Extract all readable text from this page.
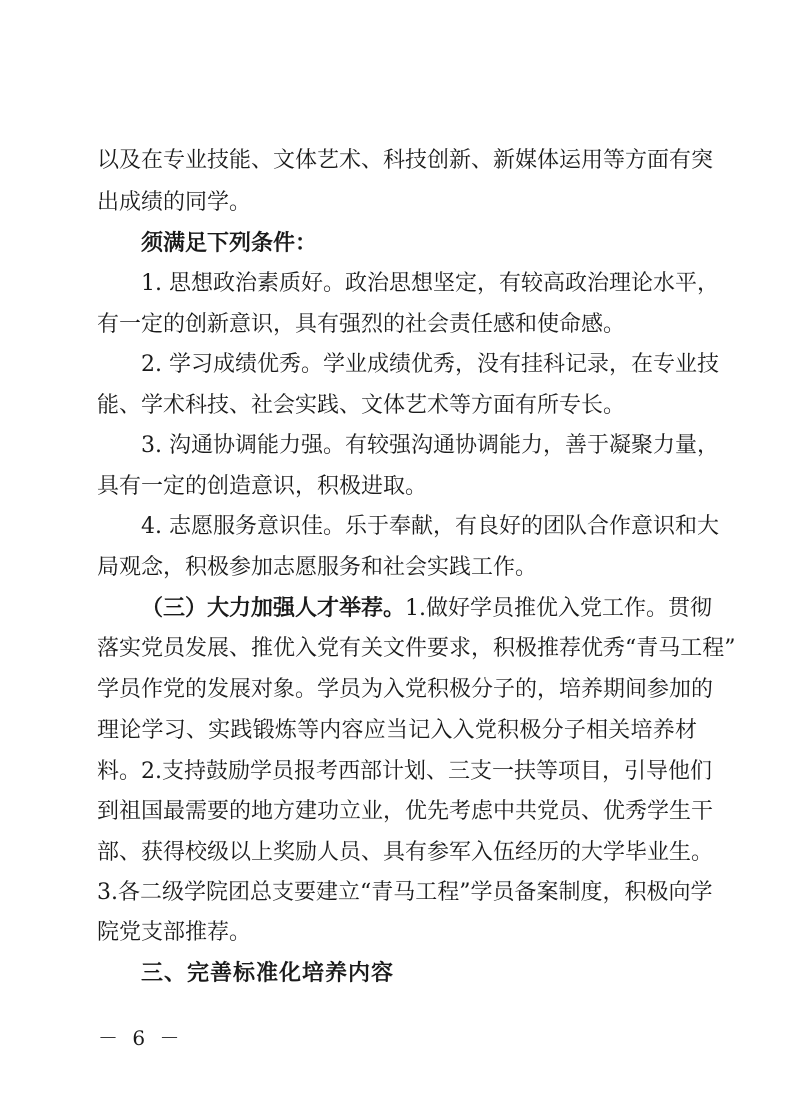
以及在专业技能、文体艺术、科技创新、新媒体运用等方面有突
出成绩的同学。
须满足下列条件：
1. 思想政治素质好。政治思想坚定，有较高政治理论水平，
有一定的创新意识，具有强烈的社会责任感和使命感。
2. 学习成绩优秀。学业成绩优秀，没有挂科记录，在专业技
能、学术科技、社会实践、文体艺术等方面有所专长。
3. 沟通协调能力强。有较强沟通协调能力，善于凝聚力量，
具有一定的创造意识，积极进取。
4. 志愿服务意识佳。乐于奉献，有良好的团队合作意识和大
局观念，积极参加志愿服务和社会实践工作。
（三）大力加强人才举荐。1.做好学员推优入党工作。贯彻
落实党员发展、推优入党有关文件要求，积极推荐优秀“青马工程”
学员作党的发展对象。学员为入党积极分子的，培养期间参加的
理论学习、实践锻炼等内容应当记入入党积极分子相关培养材
料。2.支持鼓励学员报考西部计划、三支一扶等项目，引导他们
到祖国最需要的地方建功立业，优先考虑中共党员、优秀学生干
部、获得校级以上奖励人员、具有参军入伍经历的大学毕业生。
3.各二级学院团总支要建立“青马工程”学员备案制度，积极向学
院党支部推荐。
三、完善标准化培养内容
－ 6 －
